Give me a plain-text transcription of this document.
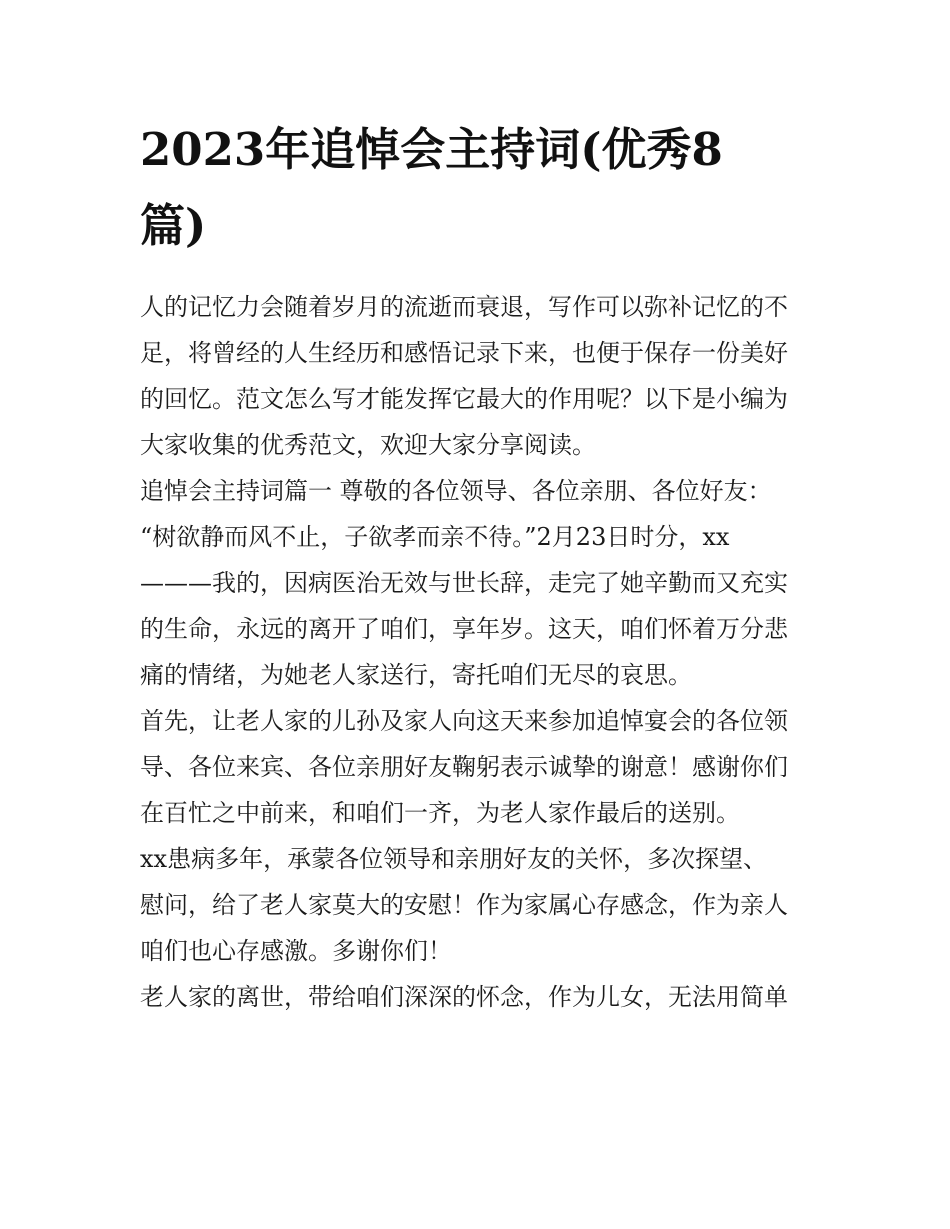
2023年追悼会主持词(优秀8
篇)
人的记忆力会随着岁月的流逝而衰退，写作可以弥补记忆的不
足，将曾经的人生经历和感悟记录下来，也便于保存一份美好
的回忆。范文怎么写才能发挥它最大的作用呢？以下是小编为
大家收集的优秀范文，欢迎大家分享阅读。
追悼会主持词篇一 尊敬的各位领导、各位亲朋、各位好友：
“树欲静而风不止，子欲孝而亲不待。”2月23日时分，xx
———我的，因病医治无效与世长辞，走完了她辛勤而又充实
的生命，永远的离开了咱们，享年岁。这天，咱们怀着万分悲
痛的情绪，为她老人家送行，寄托咱们无尽的哀思。
首先，让老人家的儿孙及家人向这天来参加追悼宴会的各位领
导、各位来宾、各位亲朋好友鞠躬表示诚挚的谢意！感谢你们
在百忙之中前来，和咱们一齐，为老人家作最后的送别。
xx患病多年，承蒙各位领导和亲朋好友的关怀，多次探望、
慰问，给了老人家莫大的安慰！作为家属心存感念，作为亲人
咱们也心存感激。多谢你们！
老人家的离世，带给咱们深深的怀念，作为儿女，无法用简单
